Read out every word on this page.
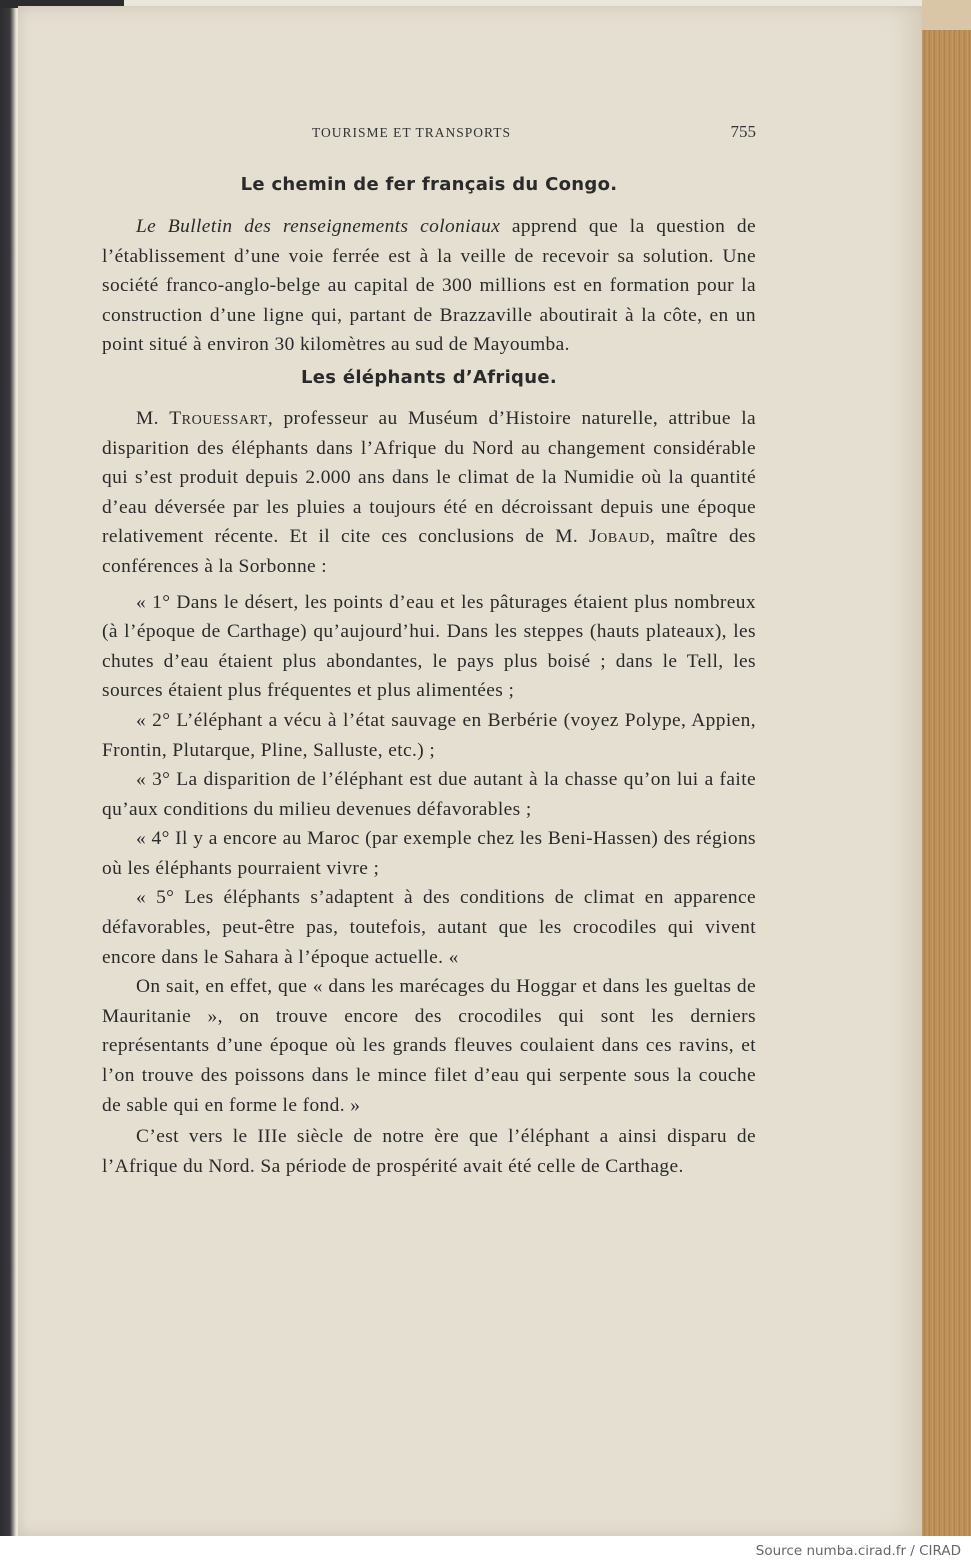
TOURISME ET TRANSPORTS	755
Le chemin de fer français du Congo.

Le Bulletin des renseignements coloniaux apprend que la question de l’établissement d’une voie ferrée est à la veille de recevoir sa solution. Une société franco-anglo-belge au capital de 300 millions est en formation pour la construction d’une ligne qui, partant de Brazzaville aboutirait à la côte, en un point situé à environ 30 kilomètres au sud de Mayoumba.

Les éléphants d’Afrique.

M. Trouessart, professeur au Muséum d’Histoire naturelle, attribue la disparition des éléphants dans l’Afrique du Nord au changement considérable qui s’est produit depuis 2.000 ans dans le climat de la Numidie où la quantité d’eau déversée par les pluies a toujours été en décroissant depuis une époque relativement récente. Et il cite ces conclusions de M. Jobaud, maître des conférences à la Sorbonne :

« 1° Dans le désert, les points d’eau et les pâturages étaient plus nombreux (à l’époque de Carthage) qu’aujourd’hui. Dans les steppes (hauts plateaux), les chutes d’eau étaient plus abondantes, le pays plus boisé ; dans le Tell, les sources étaient plus fréquentes et plus alimentées ;

« 2° L’éléphant a vécu à l’état sauvage en Berbérie (voyez Polype, Appien, Frontin, Plutarque, Pline, Salluste, etc.) ;

« 3° La disparition de l’éléphant est due autant à la chasse qu’on lui a faite qu’aux conditions du milieu devenues défavorables ;

« 4° Il y a encore au Maroc (par exemple chez les Beni-Hassen) des régions où les éléphants pourraient vivre ;

« 5° Les éléphants s’adaptent à des conditions de climat en apparence défavorables, peut-être pas, toutefois, autant que les crocodiles qui vivent encore dans le Sahara à l’époque actuelle. «

On sait, en effet, que « dans les marécages du Hoggar et dans les gueltas de Mauritanie », on trouve encore des crocodiles qui sont les derniers représentants d’une époque où les grands fleuves coulaient dans ces ravins, et l’on trouve des poissons dans le mince filet d’eau qui serpente sous la couche de sable qui en forme le fond. »

C’est vers le IIIe siècle de notre ère que l’éléphant a ainsi disparu de l’Afrique du Nord. Sa période de prospérité avait été celle de Carthage.

Source numba.cirad.fr / CIRAD
